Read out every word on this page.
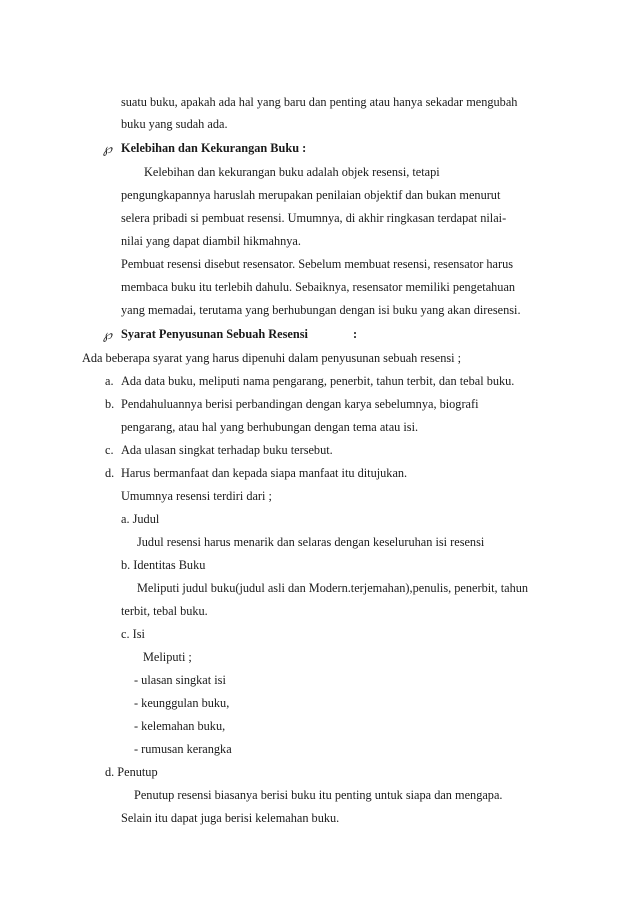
suatu buku, apakah ada hal yang baru dan penting atau hanya sekadar mengubah
buku yang sudah ada.
℘ Kelebihan dan Kekurangan Buku :
Kelebihan dan kekurangan buku adalah objek resensi, tetapi
pengungkapannya haruslah merupakan penilaian objektif dan bukan menurut
selera pribadi si pembuat resensi. Umumnya, di akhir ringkasan terdapat nilai-
nilai yang dapat diambil hikmahnya.
Pembuat resensi disebut resensator. Sebelum membuat resensi, resensator harus
membaca buku itu terlebih dahulu. Sebaiknya, resensator memiliki pengetahuan
yang memadai, terutama yang berhubungan dengan isi buku yang akan diresensi.
℘ Syarat Penyusunan Sebuah Resensi	:
Ada beberapa syarat yang harus dipenuhi dalam penyusunan sebuah resensi ;
a. Ada data buku, meliputi nama pengarang, penerbit, tahun terbit, dan tebal buku.
b. Pendahuluannya berisi perbandingan dengan karya sebelumnya, biografi
pengarang, atau hal yang berhubungan dengan tema atau isi.
c. Ada ulasan singkat terhadap buku tersebut.
d. Harus bermanfaat dan kepada siapa manfaat itu ditujukan.
Umumnya resensi terdiri dari ;
a. Judul
Judul resensi harus menarik dan selaras dengan keseluruhan isi resensi
b. Identitas Buku
Meliputi judul buku(judul asli dan Modern.terjemahan),penulis, penerbit, tahun
terbit, tebal buku.
c. Isi
Meliputi ;
- ulasan singkat isi
- keunggulan buku,
- kelemahan buku,
- rumusan kerangka
d. Penutup
Penutup resensi biasanya berisi buku itu penting untuk siapa dan mengapa.
Selain itu dapat juga berisi kelemahan buku.
